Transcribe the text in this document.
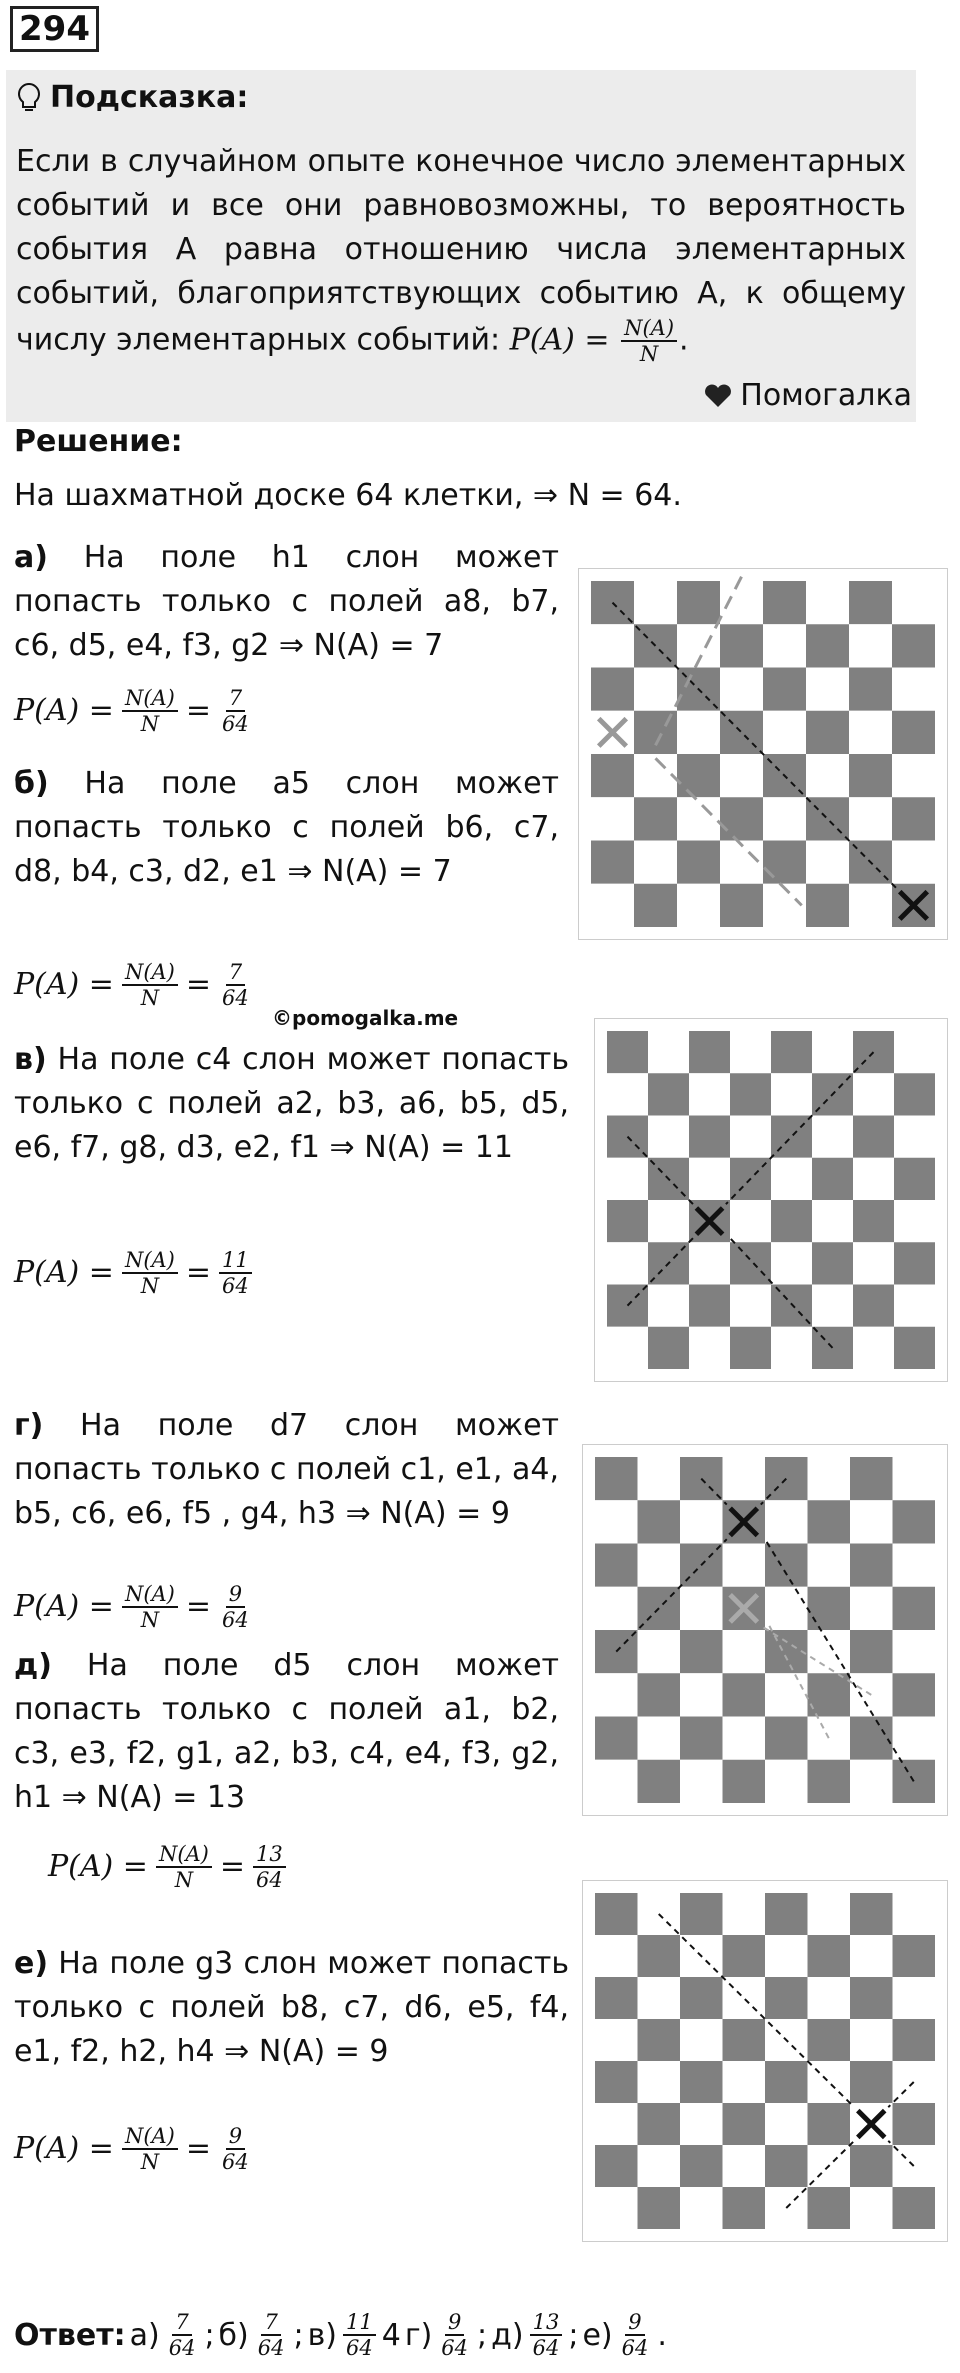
294
Подсказка:
Если в случайном опыте конечное число элементарных событий и все они равновозможны, то вероятность события А равна отношению числа элементарных событий, благоприятствующих событию А, к общему числу элементарных событий: $P(A) = \frac{N(A)}{N}$ .
Помогалка
Решение:
На шахматной доске 64 клетки, ⇒ N = 64.
а) На поле h1 слон может попасть только с полей a8, b7, c6, d5, e4, f3, g2 ⇒ N(A) = 7
$P(A) = \frac{N(A)}{N} = \frac{7}{64}$
б) На поле a5 слон может попасть только с полей b6, c7, d8, b4, c3, d2, e1 ⇒ N(A) = 7
$P(A) = \frac{N(A)}{N} = \frac{7}{64}$
©pomogalka.me
в) На поле c4 слон может попасть только с полей a2, b3, a6, b5, d5, e6, f7, g8, d3, e2, f1 ⇒ N(A) = 11
$P(A) = \frac{N(A)}{N} = \frac{11}{64}$
г) На поле d7 слон может попасть только с полей c1, e1, a4, b5, c6, e6, f5 , g4, h3 ⇒ N(A) = 9
$P(A) = \frac{N(A)}{N} = \frac{9}{64}$
д) На поле d5 слон может попасть только с полей a1, b2, c3, e3, f2, g1, a2, b3, c4, e4, f3, g2, h1 ⇒ N(A) = 13
$P(A) = \frac{N(A)}{N} = \frac{13}{64}$
е) На поле g3 слон может попасть только с полей b8, c7, d6, e5, f4, e1, f2, h2, h4 ⇒ N(A) = 9
$P(A) = \frac{N(A)}{N} = \frac{9}{64}$
Ответ: $а) \frac{7}{64}$ ; $б) \frac{7}{64}$ ; $в) \frac{11}{64} 4$ $г) \frac{9}{64}$ ; $д) \frac{13}{64}$ ; $е) \frac{9}{64}$ .
